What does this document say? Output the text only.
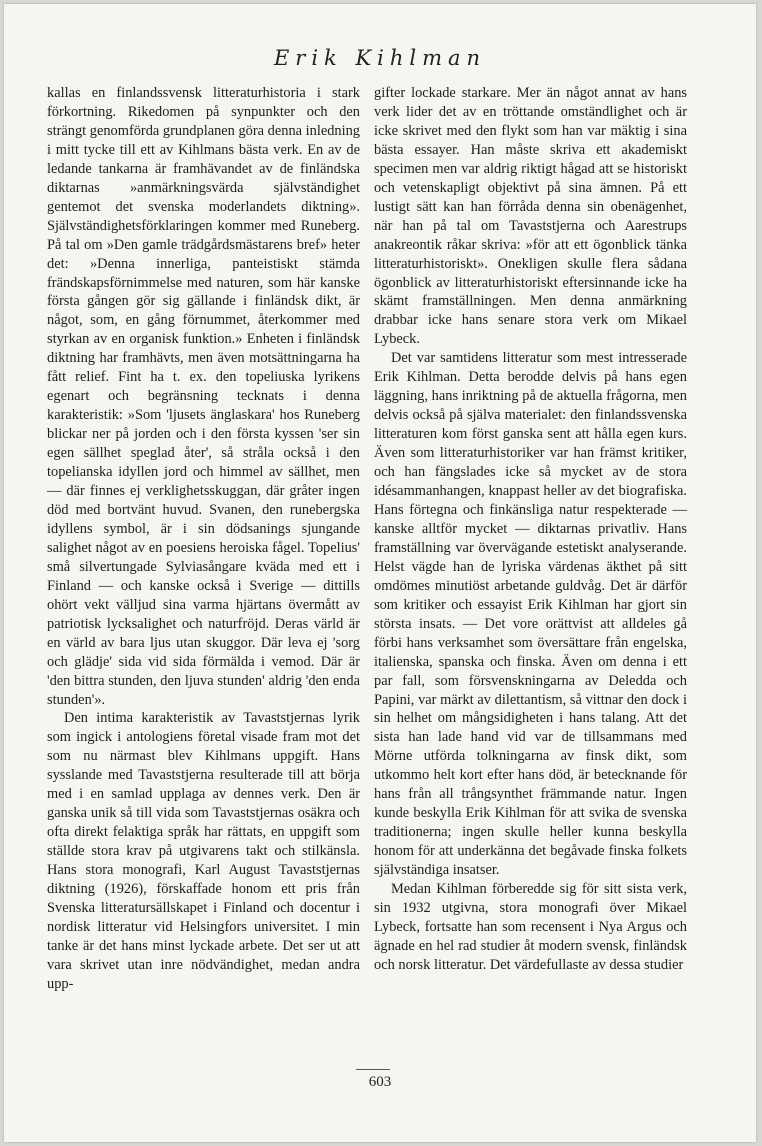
Erik Kihlman

kallas en finlandssvensk litteraturhistoria i stark förkortning. Rikedomen på synpunkter och den strängt genomförda grundplanen göra denna inledning i mitt tycke till ett av Kihlmans bästa verk. En av de ledande tankarna är framhävandet av de finländska diktarnas »anmärkningsvärda självständighet gentemot det svenska moderlandets diktning». Självständighetsförklaringen kommer med Runeberg. På tal om »Den gamle trädgårdsmästarens bref» heter det: »Denna innerliga, panteistiskt stämda frändskapsförnimmelse med naturen, som här kanske första gången gör sig gällande i finländsk dikt, är något, som, en gång förnummet, återkommer med styrkan av en organisk funktion.» Enheten i finländsk diktning har framhävts, men även motsättningarna ha fått relief. Fint ha t. ex. den topeliuska lyrikens egenart och begränsning tecknats i denna karakteristik: »Som 'ljusets änglaskara' hos Runeberg blickar ner på jorden och i den första kyssen 'ser sin egen sällhet speglad åter', så stråla också i den topelianska idyllen jord och himmel av sällhet, men — där finnes ej verklighetsskuggan, där gråter ingen död med bortvänt huvud. Svanen, den runebergska idyllens symbol, är i sin dödsanings sjungande salighet något av en poesiens heroiska fågel. Topelius' små silvertungade Sylviasångare kväda med ett i Finland — och kanske också i Sverige — dittills ohört vekt välljud sina varma hjärtans övermått av patriotisk lycksalighet och naturfröjd. Deras värld är en värld av bara ljus utan skuggor. Där leva ej 'sorg och glädje' sida vid sida förmälda i vemod. Där är 'den bittra stunden, den ljuva stunden' aldrig 'den enda stunden'».

Den intima karakteristik av Tavaststjernas lyrik som ingick i antologiens företal visade fram mot det som nu närmast blev Kihlmans uppgift. Hans sysslande med Tavaststjerna resulterade till att börja med i en samlad upplaga av dennes verk. Den är ganska unik så till vida som Tavaststjernas osäkra och ofta direkt felaktiga språk har rättats, en uppgift som ställde stora krav på utgivarens takt och stilkänsla. Hans stora monografi, Karl August Tavaststjernas diktning (1926), förskaffade honom ett pris från Svenska litteratursällskapet i Finland och docentur i nordisk litteratur vid Helsingfors universitet. I min tanke är det hans minst lyckade arbete. Det ser ut att vara skrivet utan inre nödvändighet, medan andra upp-

gifter lockade starkare. Mer än något annat av hans verk lider det av en tröttande omständlighet och är icke skrivet med den flykt som han var mäktig i sina bästa essayer. Han måste skriva ett akademiskt specimen men var aldrig riktigt hågad att se historiskt och vetenskapligt objektivt på sina ämnen. På ett lustigt sätt kan han förråda denna sin obenägenhet, när han på tal om Tavaststjerna och Aarestrups anakreontik råkar skriva: »för att ett ögonblick tänka litteraturhistoriskt». Onekligen skulle flera sådana ögonblick av litteraturhistoriskt eftersinnande icke ha skämt framställningen. Men denna anmärkning drabbar icke hans senare stora verk om Mikael Lybeck.

Det var samtidens litteratur som mest intresserade Erik Kihlman. Detta berodde delvis på hans egen läggning, hans inriktning på de aktuella frågorna, men delvis också på själva materialet: den finlandssvenska litteraturen kom först ganska sent att hålla egen kurs. Även som litteraturhistoriker var han främst kritiker, och han fängslades icke så mycket av de stora idésammanhangen, knappast heller av det biografiska. Hans förtegna och finkänsliga natur respekterade — kanske alltför mycket — diktarnas privatliv. Hans framställning var övervägande estetiskt analyserande. Helst vägde han de lyriska värdenas äkthet på sitt omdömes minutiöst arbetande guldvåg. Det är därför som kritiker och essayist Erik Kihlman har gjort sin största insats. — Det vore orättvist att alldeles gå förbi hans verksamhet som översättare från engelska, italienska, spanska och finska. Även om denna i ett par fall, som försvenskningarna av Deledda och Papini, var märkt av dilettantism, så vittnar den dock i sin helhet om mångsidigheten i hans talang. Att det sista han lade hand vid var de tillsammans med Mörne utförda tolkningarna av finsk dikt, som utkommo helt kort efter hans död, är betecknande för hans från all trångsynthet främmande natur. Ingen kunde beskylla Erik Kihlman för att svika de svenska traditionerna; ingen skulle heller kunna beskylla honom för att underkänna det begåvade finska folkets självständiga insatser.

Medan Kihlman förberedde sig för sitt sista verk, sin 1932 utgivna, stora monografi över Mikael Lybeck, fortsatte han som recensent i Nya Argus och ägnade en hel rad studier åt modern svensk, finländsk och norsk litteratur. Det värdefullaste av dessa studier

603
